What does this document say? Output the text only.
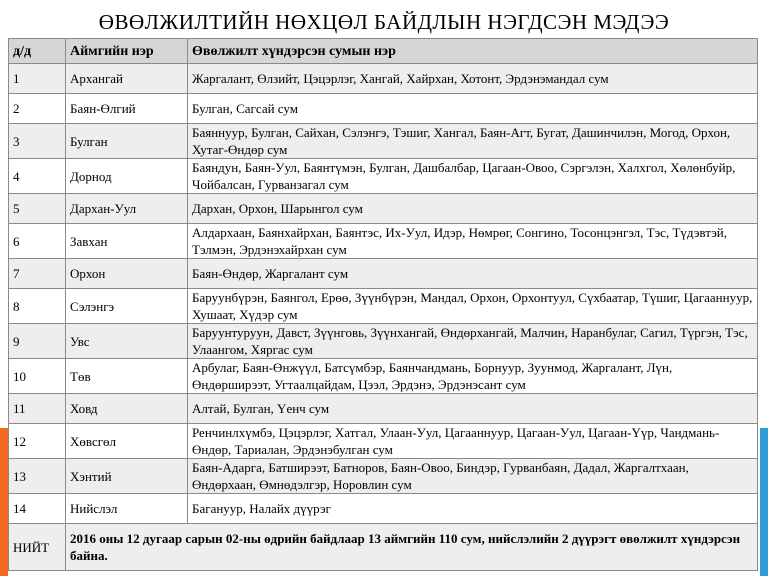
ӨВӨЛЖИЛТИЙН НӨХЦӨЛ БАЙДЛЫН НЭГДСЭН МЭДЭЭ
д/д	Аймгийн нэр	Өвөлжилт хүндэрсэн сумын нэр
1	Архангай	Жаргалант, Өлзийт, Цэцэрлэг, Хангай, Хайрхан, Хотонт, Эрдэнэмандал сум
2	Баян-Өлгий	Булган, Сагсай сум
3	Булган	Баяннуур, Булган, Сайхан, Сэлэнгэ, Тэшиг, Хангал, Баян-Агт, Бугат, Дашинчилэн, Могод, Орхон, Хутаг-Өндөр сум
4	Дорнод	Баяндун, Баян-Уул, Баянтүмэн, Булган, Дашбалбар, Цагаан-Овоо, Сэргэлэн, Халхгол, Хөлөнбуйр, Чойбалсан, Гурванзагал сум
5	Дархан-Уул	Дархан, Орхон, Шарынгол сум
6	Завхан	Алдархаан, Баянхайрхан, Баянтэс, Их-Уул, Идэр, Нөмрөг, Сонгино, Тосонцэнгэл, Тэс, Түдэвтэй, Тэлмэн, Эрдэнэхайрхан сум
7	Орхон	Баян-Өндөр, Жаргалант сум
8	Сэлэнгэ	Баруунбүрэн, Баянгол, Ерөө, Зүүнбүрэн, Мандал, Орхон, Орхонтуул, Сүхбаатар, Түшиг, Цагааннуур, Хушаат, Хүдэр сум
9	Увс	Баруунтуруун, Давст, Зүүнговь, Зүүнхангай, Өндөрхангай, Малчин, Наранбулаг, Сагил, Түргэн, Тэс, Улаангом, Хяргас сум
10	Төв	Арбулаг, Баян-Өнжүүл, Батсүмбэр, Баянчандмань, Борнуур, Зуунмод, Жаргалант, Лүн, Өндөрширээт, Угтаалцайдам, Цээл, Эрдэнэ, Эрдэнэсант сум
11	Ховд	Алтай, Булган, Үенч сум
12	Хөвсгөл	Ренчинлхүмбэ, Цэцэрлэг, Хатгал, Улаан-Уул, Цагааннуур, Цагаан-Уул, Цагаан-Үүр, Чандмань-Өндөр, Тариалан, Эрдэнэбулган сум
13	Хэнтий	Баян-Адарга, Батширээт, Батноров, Баян-Овоо, Биндэр, Гурванбаян, Дадал, Жаргалтхаан, Өндөрхаан, Өмнөдэлгэр, Норовлин сум
14	Нийслэл	Багануур, Налайх дүүрэг
НИЙТ	2016 оны 12 дугаар сарын 02-ны өдрийн байдлаар 13 аймгийн 110 сум, нийслэлийн 2 дүүрэгт өвөлжилт хүндэрсэн байна.	
